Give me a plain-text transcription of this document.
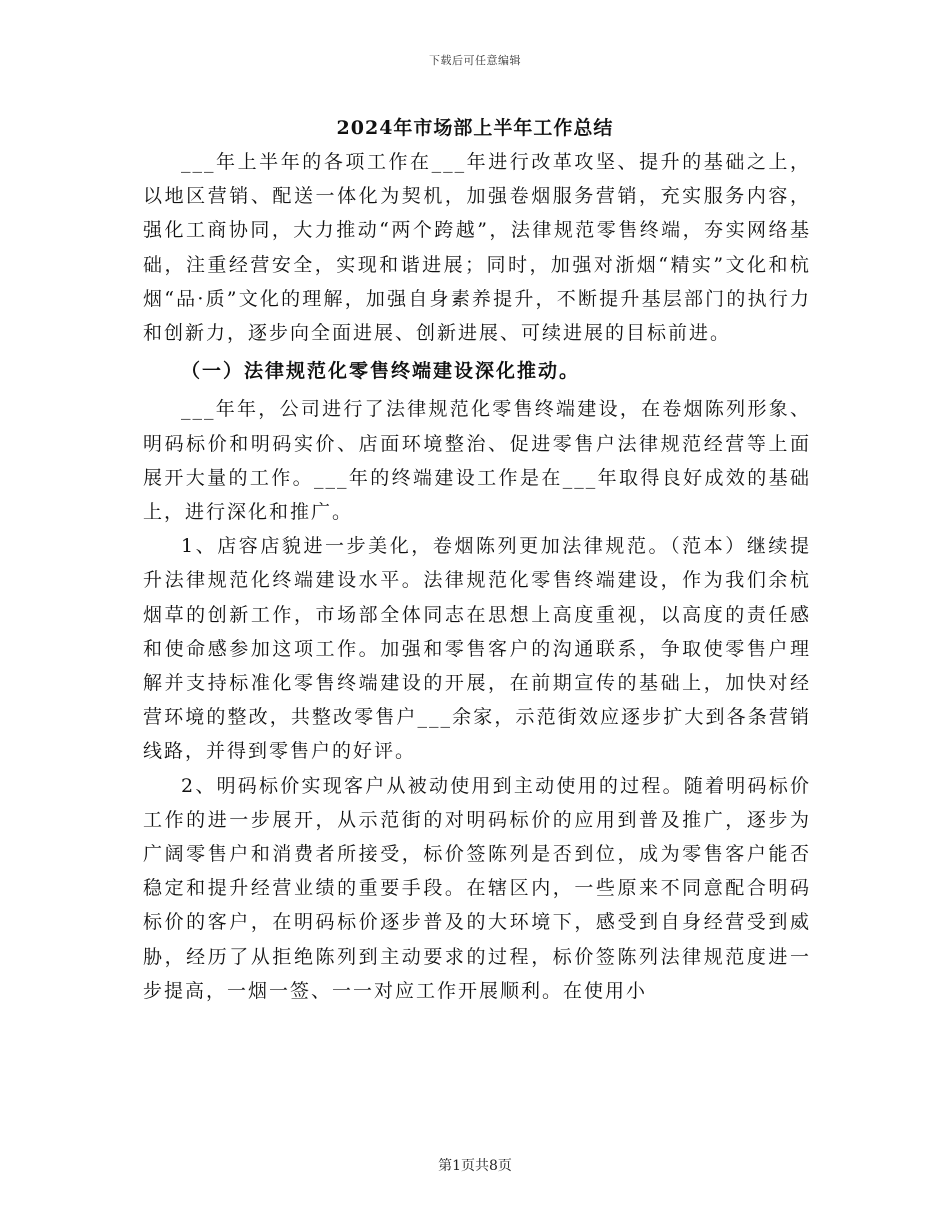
下载后可任意编辑
2024年市场部上半年工作总结

___年上半年的各项工作在___年进行改革攻坚、提升的基础之上，以地区营销、配送一体化为契机，加强卷烟服务营销，充实服务内容，强化工商协同，大力推动“两个跨越”，法律规范零售终端，夯实网络基础，注重经营安全，实现和谐进展；同时，加强对浙烟“精实”文化和杭烟“品·质”文化的理解，加强自身素养提升，不断提升基层部门的执行力和创新力，逐步向全面进展、创新进展、可续进展的目标前进。

（一）法律规范化零售终端建设深化推动。

___年年，公司进行了法律规范化零售终端建设，在卷烟陈列形象、明码标价和明码实价、店面环境整治、促进零售户法律规范经营等上面展开大量的工作。___年的终端建设工作是在___年取得良好成效的基础上，进行深化和推广。

1、店容店貌进一步美化，卷烟陈列更加法律规范。（范本）继续提升法律规范化终端建设水平。法律规范化零售终端建设，作为我们余杭烟草的创新工作，市场部全体同志在思想上高度重视，以高度的责任感和使命感参加这项工作。加强和零售客户的沟通联系，争取使零售户理解并支持标准化零售终端建设的开展，在前期宣传的基础上，加快对经营环境的整改，共整改零售户___余家，示范街效应逐步扩大到各条营销线路，并得到零售户的好评。

2、明码标价实现客户从被动使用到主动使用的过程。随着明码标价工作的进一步展开，从示范街的对明码标价的应用到普及推广，逐步为广阔零售户和消费者所接受，标价签陈列是否到位，成为零售客户能否稳定和提升经营业绩的重要手段。在辖区内，一些原来不同意配合明码标价的客户，在明码标价逐步普及的大环境下，感受到自身经营受到威胁，经历了从拒绝陈列到主动要求的过程，标价签陈列法律规范度进一步提高，一烟一签、一一对应工作开展顺利。在使用小

第1页共8页
